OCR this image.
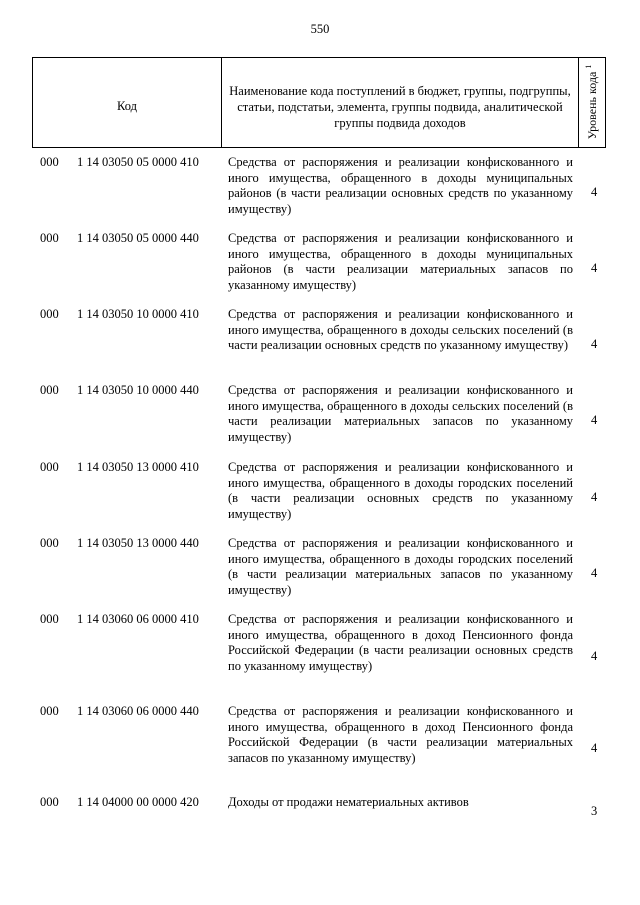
550
Код
Наименование кода поступлений в бюджет, группы, подгруппы, статьи, подстатьи, элемента, группы подвида, аналитической группы подвида доходов	Уровень кода $^1$
000 1 14 03050 05 0000 410 Средства от распоряжения и реализации конфискованного и иного имущества, обращенного в доходы муниципальных районов (в части реализации основных средств по указанному имуществу)
4
000 1 14 03050 05 0000 440 Средства от распоряжения и реализации конфискованного и иного имущества, обращенного в доходы муниципальных районов (в части реализации материальных запасов по указанному имуществу)
4
000 1 14 03050 10 0000 410 Средства от распоряжения и реализации конфискованного и иного имущества, обращенного в доходы сельских поселений (в части реализации основных средств по указанному имуществу)	4
000 1 14 03050 10 0000 440 Средства от распоряжения и реализации конфискованного и иного имущества, обращенного в доходы сельских поселений (в части реализации материальных запасов по указанному имуществу)
4
000 1 14 03050 13 0000 410 Средства от распоряжения и реализации конфискованного и иного имущества, обращенного в доходы городских поселений (в части реализации основных средств по указанному имуществу)
4
000 1 14 03050 13 0000 440 Средства от распоряжения и реализации конфискованного и иного имущества, обращенного в доходы городских поселений (в части реализации материальных запасов по указанному имуществу)
4
000 1 14 03060 06 0000 410 Средства от распоряжения и реализации конфискованного и иного имущества, обращенного в доход Пенсионного фонда Российской Федерации (в части реализации основных средств по указанному имуществу)
4
000 1 14 03060 06 0000 440 Средства от распоряжения и реализации конфискованного и иного имущества, обращенного в доход Пенсионного фонда Российской Федерации (в части реализации материальных запасов по указанному имуществу)
4
000 1 14 04000 00 0000 420 Доходы от продажи нематериальных активов
3
